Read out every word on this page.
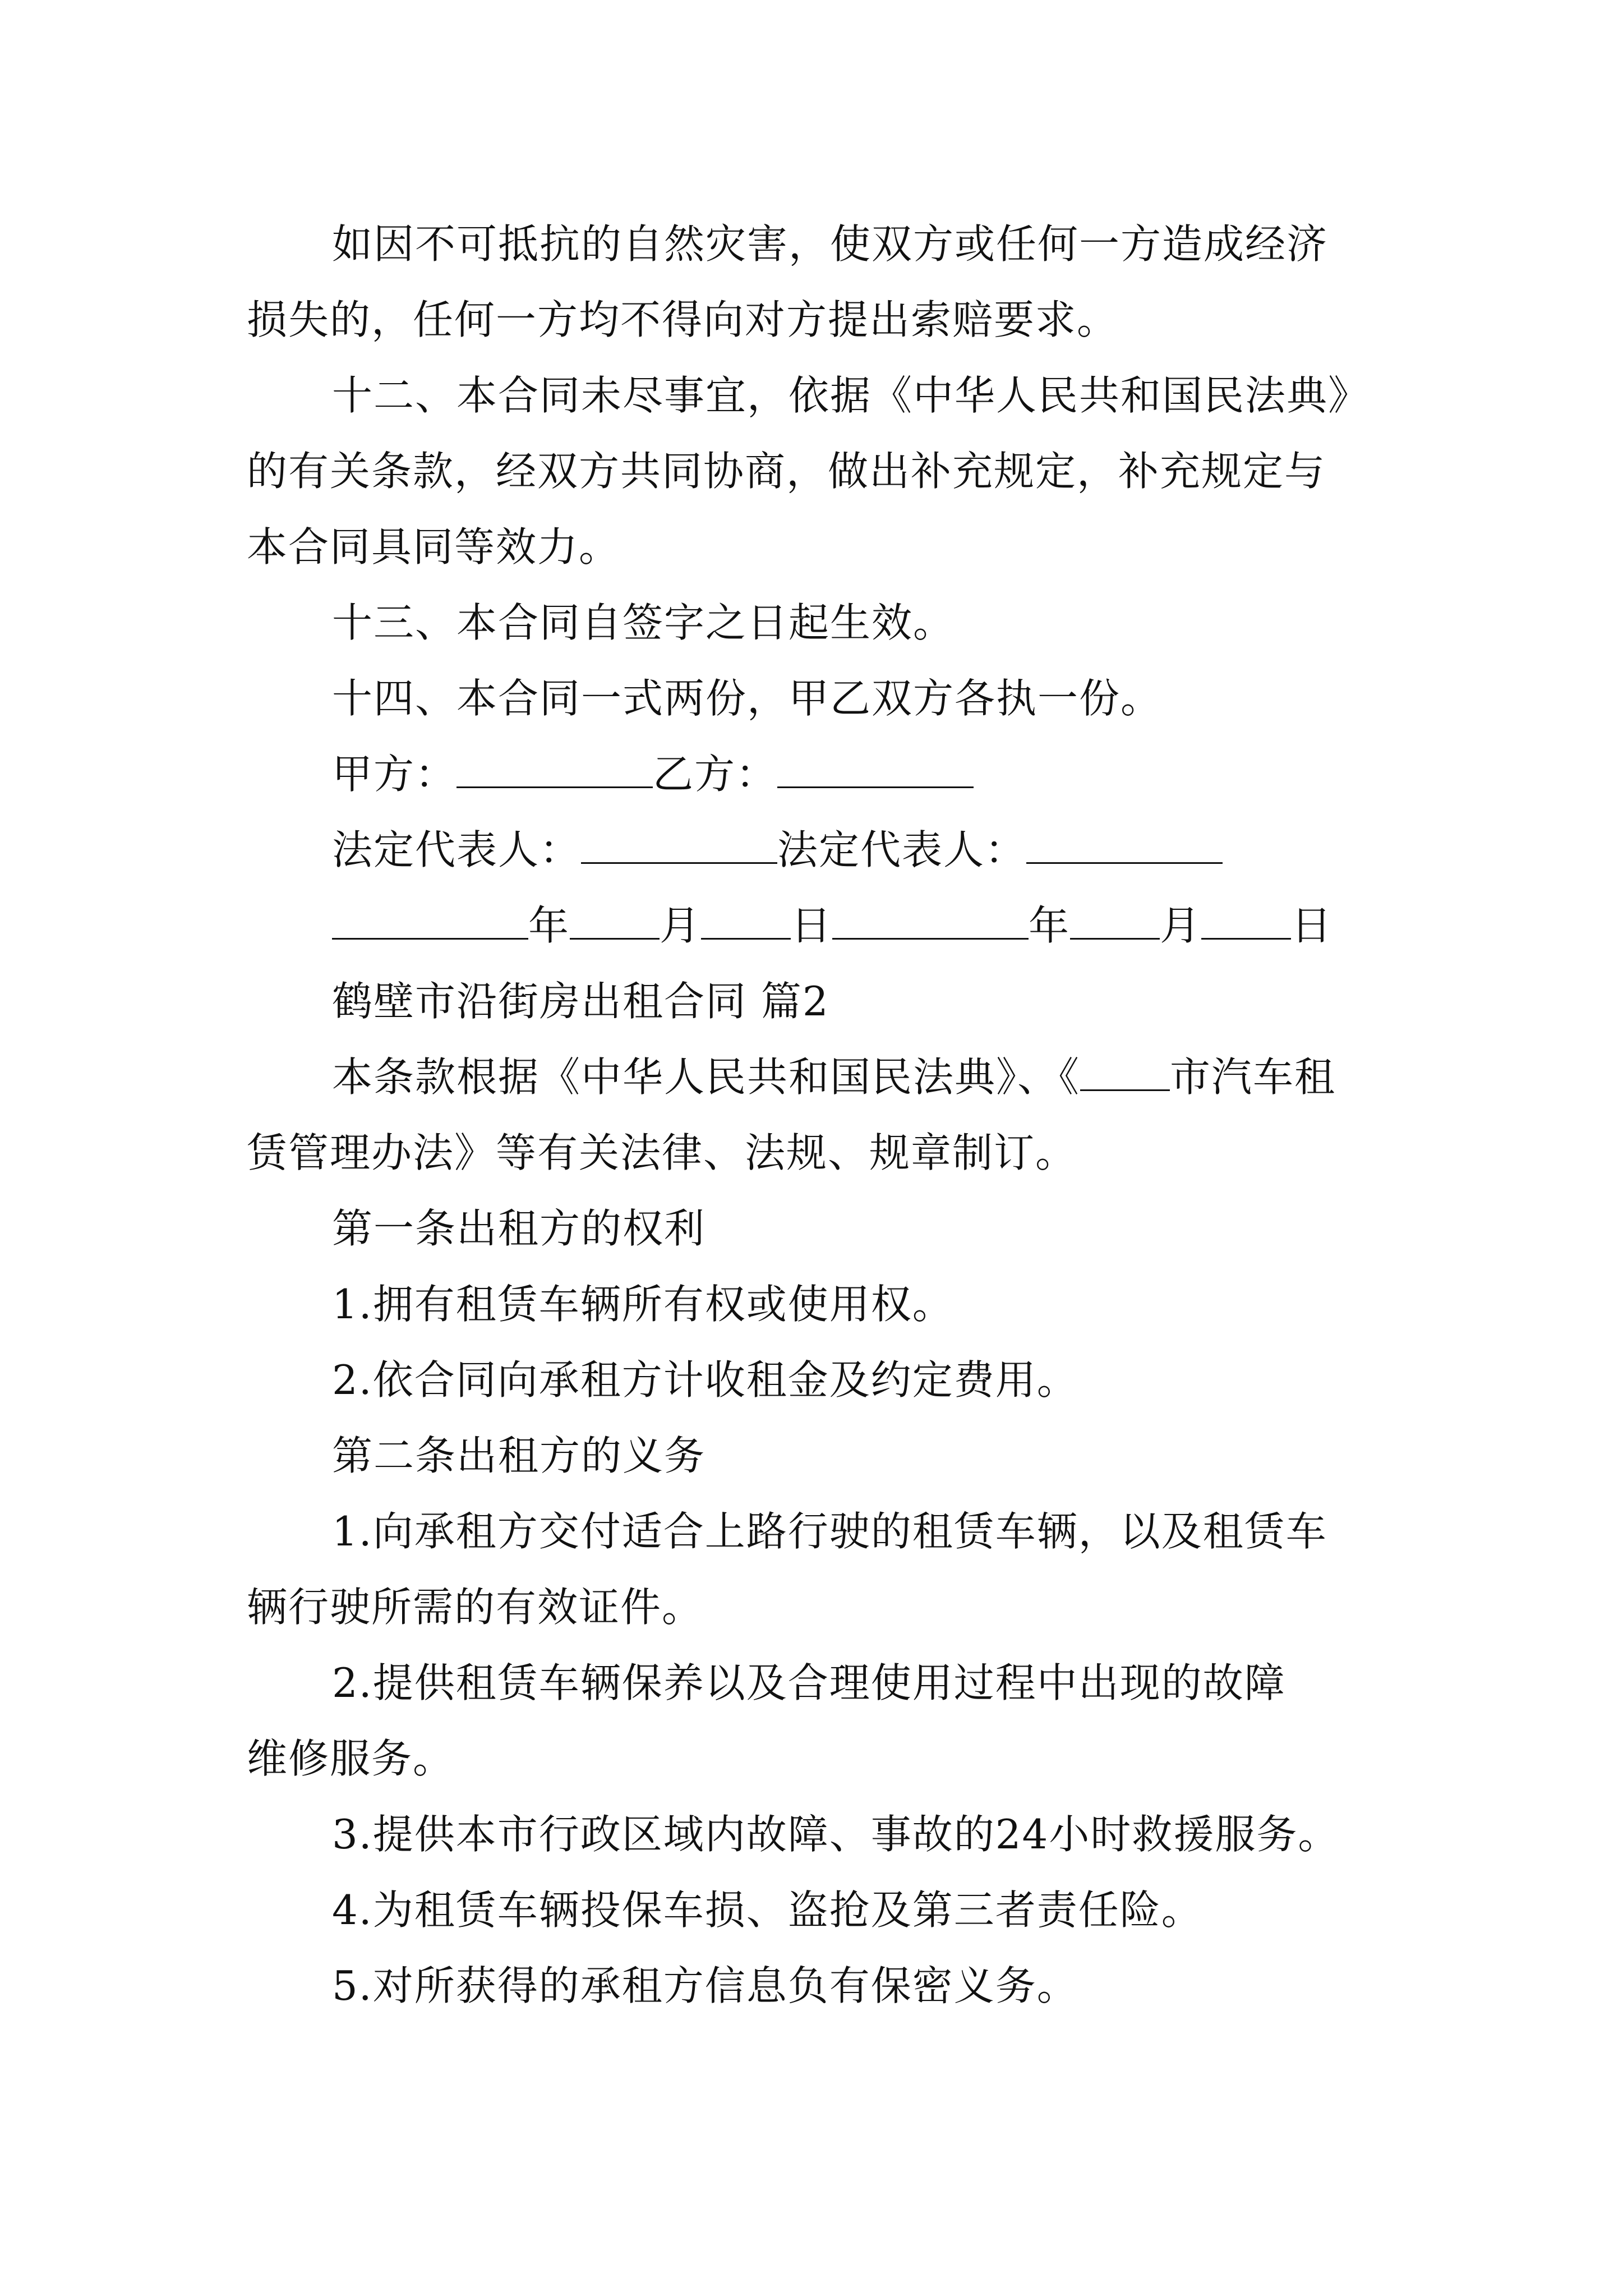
如因不可抵抗的自然灾害，使双方或任何一方造成经济
损失的，任何一方均不得向对方提出索赔要求。
十二、本合同未尽事宜，依据《中华人民共和国民法典》
的有关条款，经双方共同协商，做出补充规定，补充规定与
本合同具同等效力。
十三、本合同自签字之日起生效。
十四、本合同一式两份，甲乙双方各执一份。
甲方：	乙方：
法定代表人：	法定代表人：
年 月 日	年 月 日
鹤壁市沿街房出租合同 篇2
本条款根据《中华人民共和国民法典》、《 市汽车租
赁管理办法》等有关法律、法规、规章制订。
第一条出租方的权利
1.拥有租赁车辆所有权或使用权。
2.依合同向承租方计收租金及约定费用。
第二条出租方的义务
1.向承租方交付适合上路行驶的租赁车辆，以及租赁车
辆行驶所需的有效证件。
2.提供租赁车辆保养以及合理使用过程中出现的故障
维修服务。
3.提供本市行政区域内故障、事故的24小时救援服务。
4.为租赁车辆投保车损、盗抢及第三者责任险。
5.对所获得的承租方信息负有保密义务。
